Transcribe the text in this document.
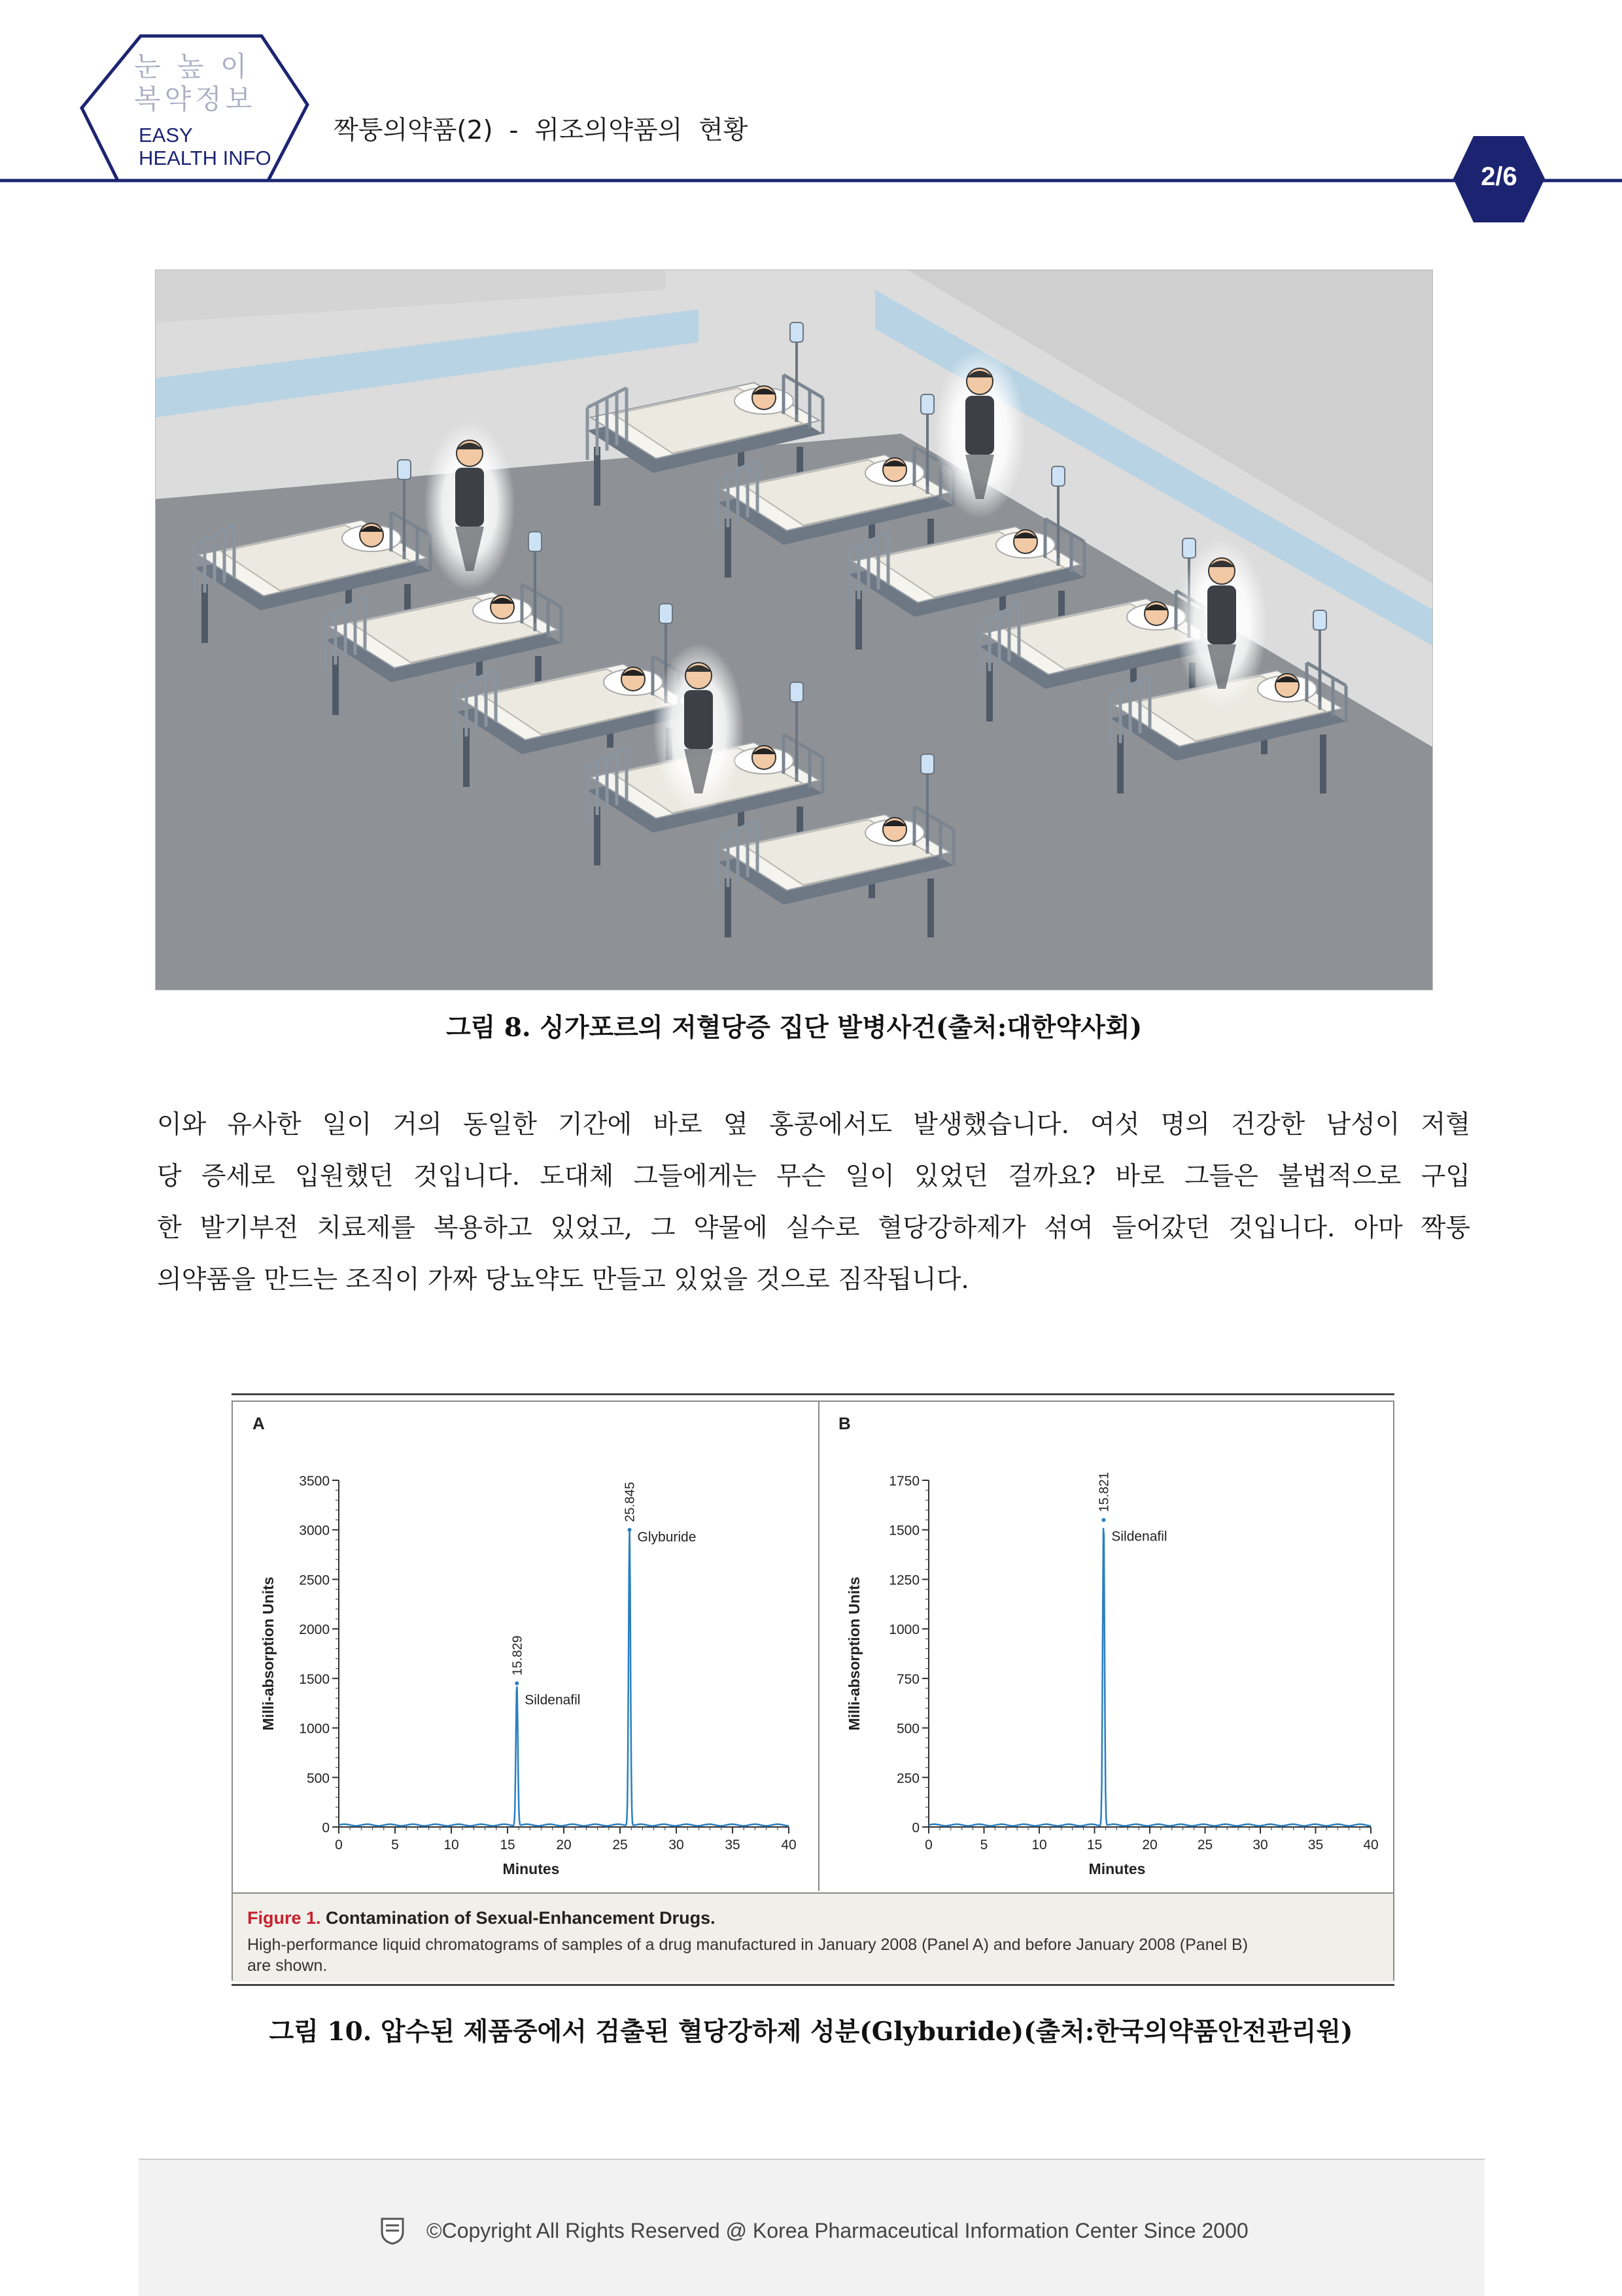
눈 높 이
복약정보
EASY
HEALTH INFO
짝퉁의약품(2)  -  위조의약품의  현황
2/6
그림 8. 싱가포르의 저혈당증 집단 발병사건(출처:대한약사회)
이와 유사한 일이 거의 동일한 기간에 바로 옆 홍콩에서도 발생했습니다. 여섯 명의 건강한 남성이 저혈
당 증세로 입원했던 것입니다. 도대체 그들에게는 무슨 일이 있었던 걸까요? 바로 그들은 불법적으로 구입
한 발기부전 치료제를 복용하고 있었고, 그 약물에 실수로 혈당강하제가 섞여 들어갔던 것입니다. 아마 짝퉁
의약품을 만드는 조직이 가짜 당뇨약도 만들고 있었을 것으로 짐작됩니다.
A
0
500
1000
1500
2000
2500
3000
3500
0	5	10	15	20	25	30	35	40
Minutes
Milli-absorption Units	15.829
Sildenafil
25.845
Glyburide
B
0
250
500
750
1000
1250
1500
1750
0	5	10	15	20	25	30	35	40
Minutes
Milli-absorption Units
15.821
Sildenafil
Figure 1. Contamination of Sexual-Enhancement Drugs.
High-performance liquid chromatograms of samples of a drug manufactured in January 2008 (Panel A) and before January 2008 (Panel B)
are shown.
그림 10. 압수된 제품중에서 검출된 혈당강하제 성분(Glyburide)(출처:한국의약품안전관리원)
©Copyright All Rights Reserved @ Korea Pharmaceutical Information Center Since 2000
